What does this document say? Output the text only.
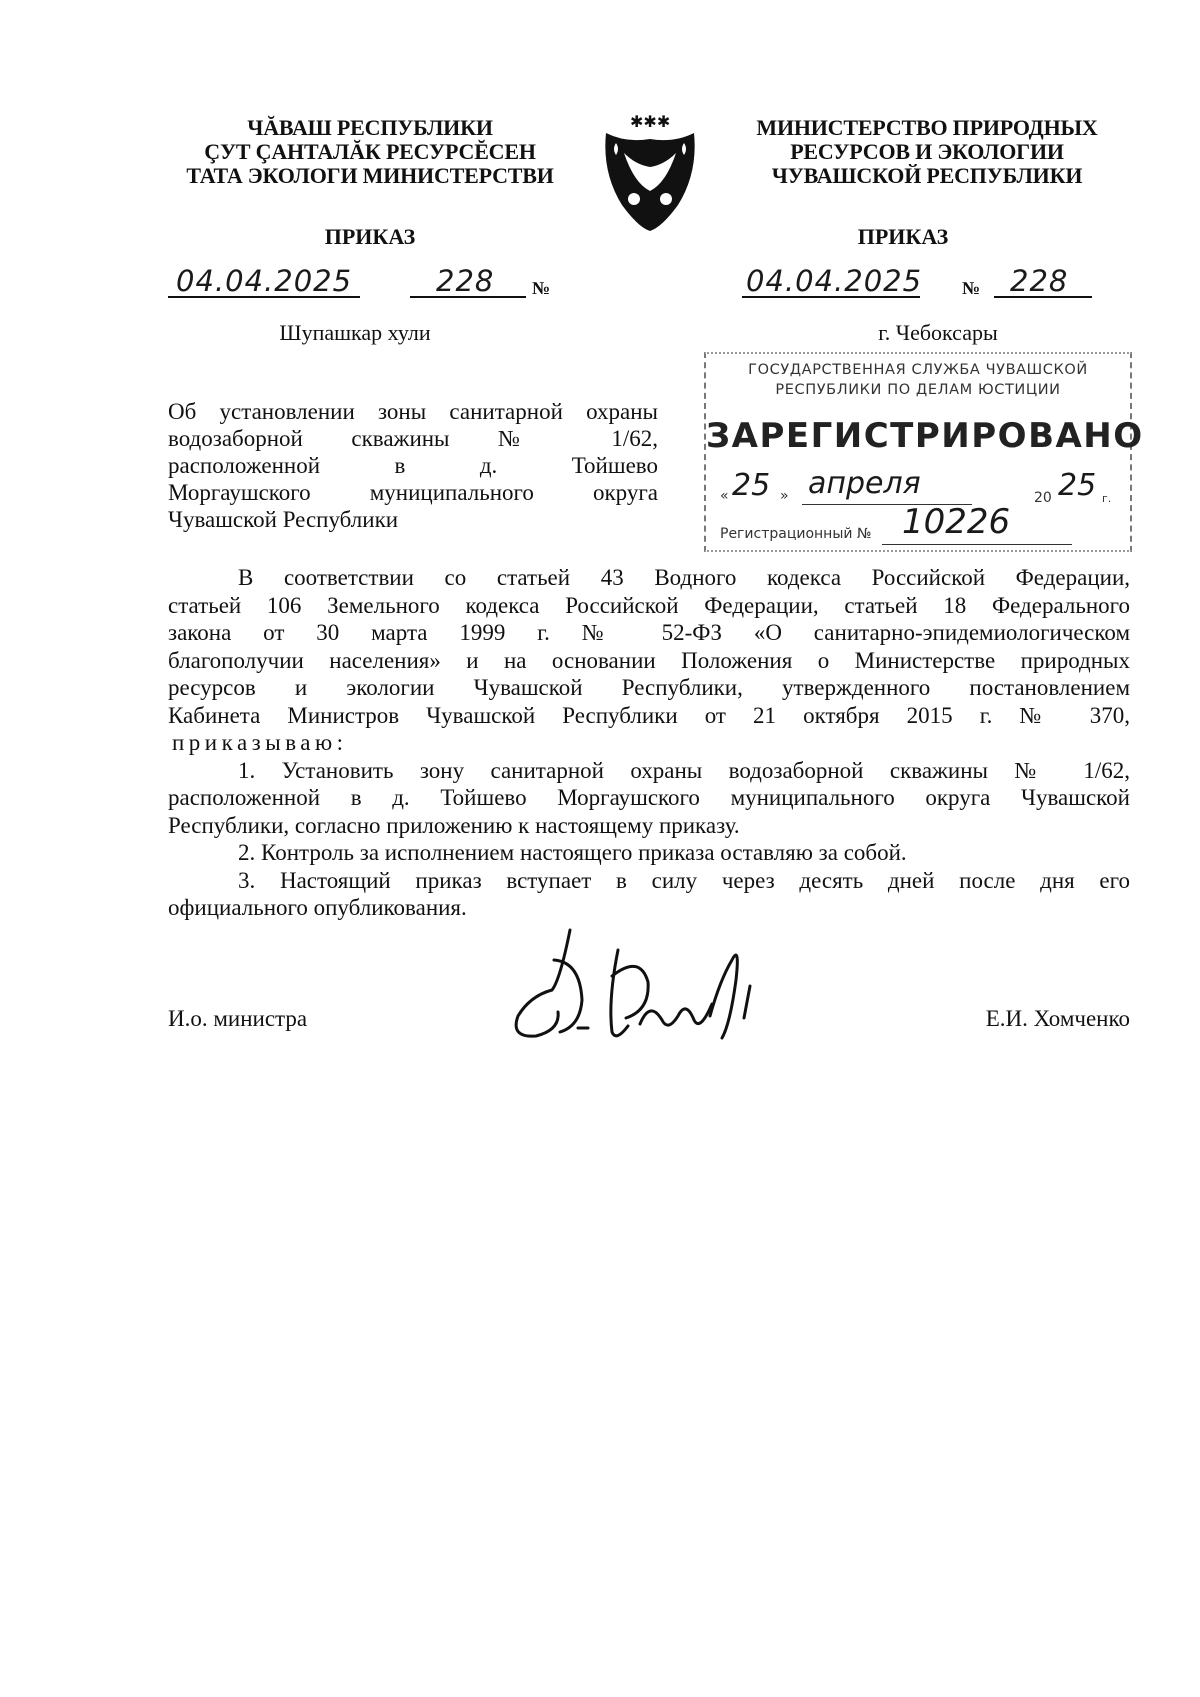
ЧĂВАШ РЕСПУБЛИКИ
ÇУТ ÇАНТАЛĂК РЕСУРСĔСЕН
ТАТА ЭКОЛОГИ МИНИСТЕРСТВИ
✱✱✱	МИНИСТЕРСТВО ПРИРОДНЫХ
РЕСУРСОВ И ЭКОЛОГИИ
ЧУВАШСКОЙ РЕСПУБЛИКИ
ПРИКАЗ	ПРИКАЗ
04.04.2025	228 №	04.04.2025 № 228
Шупашкар хули	г. Чебоксары
Об установлении зоны санитарной охраны
водозаборной скважины № 1/62,
расположенной в д. Тойшево
Моргаушского муниципального округа
Чувашской Республики
ГОСУДАРСТВЕННАЯ СЛУЖБА ЧУВАШСКОЙ
РЕСПУБЛИКИ ПО ДЕЛАМ ЮСТИЦИИ
ЗАРЕГИСТРИРОВАНО
« 25 » апреля	20 25 г.
Регистрационный № 10226
В соответствии со статьей 43 Водного кодекса Российской Федерации,
статьей 106 Земельного кодекса Российской Федерации, статьей 18 Федерального
закона от 30 марта 1999 г. № 52-ФЗ «О санитарно-эпидемиологическом
благополучии населения» и на основании Положения о Министерстве природных
ресурсов и экологии Чувашской Республики, утвержденного постановлением
Кабинета Министров Чувашской Республики от 21 октября 2015 г. № 370,
приказываю:
1. Установить зону санитарной охраны водозаборной скважины № 1/62,
расположенной в д. Тойшево Моргаушского муниципального округа Чувашской
Республики, согласно приложению к настоящему приказу.
2. Контроль за исполнением настоящего приказа оставляю за собой.
3. Настоящий приказ вступает в силу через десять дней после дня его
официального опубликования.
И.о. министра	Е.И. Хомченко
